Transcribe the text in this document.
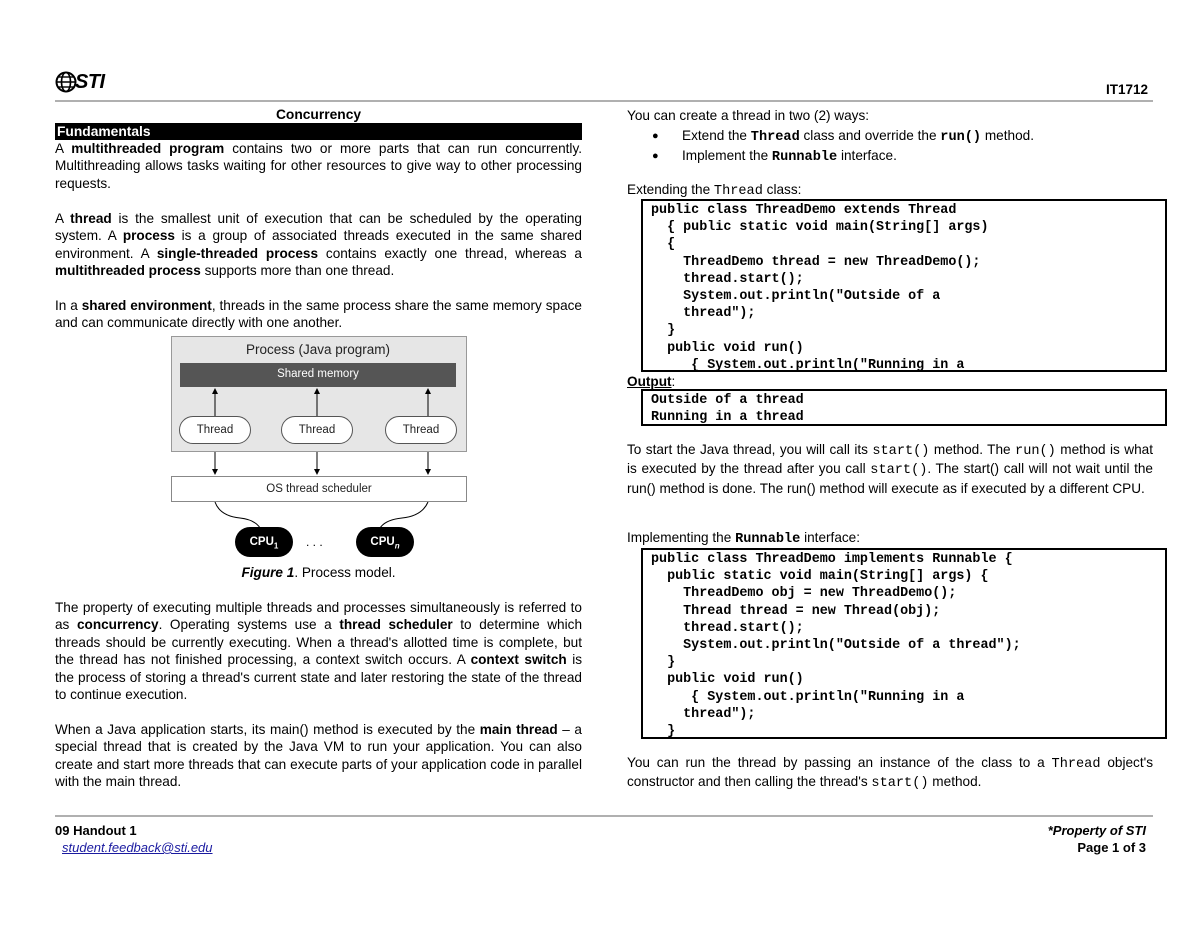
STI	IT1712
Concurrency
Fundamentals

A multithreaded program contains two or more parts that can run concurrently. Multithreading allows tasks waiting for other resources to give way to other processing requests.

A thread is the smallest unit of execution that can be scheduled by the operating system. A process is a group of associated threads executed in the same shared environment. A single-threaded process contains exactly one thread, whereas a multithreaded process supports more than one thread.

In a shared environment, threads in the same process share the same memory space and can communicate directly with one another.

Process (Java program)
Shared memory
Thread	Thread	Thread
OS thread scheduler
$CPU_1$	. . .	$CPU_n$
Figure 1. Process model.

The property of executing multiple threads and processes simultaneously is referred to as concurrency. Operating systems use a thread scheduler to determine which threads should be currently executing. When a thread's allotted time is complete, but the thread has not finished processing, a context switch occurs. A context switch is the process of storing a thread's current state and later restoring the state of the thread to continue execution.

When a Java application starts, its main() method is executed by the main thread – a special thread that is created by the Java VM to run your application. You can also create and start more threads that can execute parts of your application code in parallel with the main thread.

You can create a thread in two (2) ways:
● Extend the Thread class and override the run() method.
● Implement the Runnable interface.
Extending the Thread class:
public class ThreadDemo extends Thread
{ public static void main(String[] args)
{
ThreadDemo thread = new ThreadDemo();
thread.start();
System.out.println("Outside of a
thread");
}
public void run()
{ System.out.println("Running in a
Output:
Outside of a thread
Running in a thread

To start the Java thread, you will call its start() method. The run() method is what is executed by the thread after you call start(). The start() call will not wait until the run() method is done. The run() method will execute as if executed by a different CPU.

Implementing the Runnable interface:
public class ThreadDemo implements Runnable {
public static void main(String[] args) {
ThreadDemo obj = new ThreadDemo();
Thread thread = new Thread(obj);
thread.start();
System.out.println("Outside of a thread");
}
public void run()
{ System.out.println("Running in a
thread");
}

You can run the thread by passing an instance of the class to a Thread object's constructor and then calling the thread's start() method.

09 Handout 1
student.feedback@sti.edu
*Property of STI
Page 1 of 3
